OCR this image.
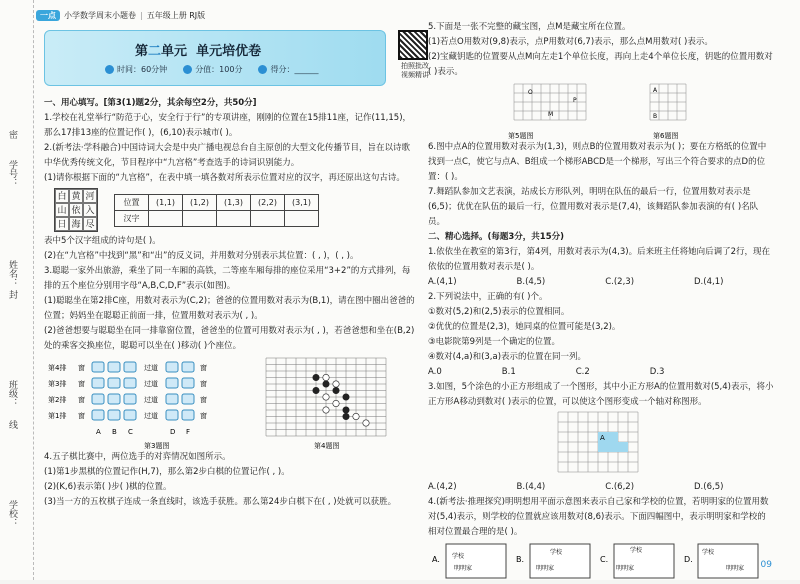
密
学号：
姓名：
封
班级：
线
学校：
一点	小学数学周末小题卷 | 五年级上册 RJ版
第二单元 单元培优卷
时间：60分钟	分值：100分	得分：______	拍照批改
视频精讲
一、用心填写。[第3(1)题2分，其余每空2分，共50分]
1.学校在礼堂举行“防范于心，安全行于行”的专项讲座，刚刚的位置在15排11座，记作(11,15)，那么17排13座的位置记作( )，(6,10)表示城市( )。
2.(新考法·学科融合)中国诗词大会是中央广播电视总台自主原创的大型文化传播节目，旨在以诗歌中华优秀传统文化，节目程序中“九宫格”考查选手的诗词识别能力。
(1)请你根据下面的“九宫格”，在表中填一填各数对所表示位置对应的汉字，再还原出这句古诗。
白 黄 河
山 依 入
日 海 尽
位置	(1,1)	(1,2)	(1,3)	(2,2)	(3,1)
汉字					
表中5个汉字组成的诗句是( )。
(2)在“九宫格”中找到“黑”和“出”的反义词，并用数对分别表示其位置：( , )，( , )。
3.聪聪一家外出旅游，乘坐了同一车厢的高铁，二等座车厢每排的座位采用“3+2”的方式排列，每排的五个座位分别用字母“A,B,C,D,F”表示(如图)。
(1)聪聪坐在第2排C座，用数对表示为(C,2)；爸爸的位置用数对表示为(B,1)，请在图中圈出爸爸的位置；妈妈坐在聪聪正前面一排，位置用数对表示为( , )。
(2)爸爸想要与聪聪坐在同一排靠窗位置，爸爸坐的位置可用数对表示为( , )，若爸爸想和坐在(B,2)处的乘客交换座位，聪聪可以坐在( )移动( )个座位。
第4排 窗	过道	窗
第3排 窗	过道	窗
第2排 窗	过道	窗
第1排 窗	过道	窗
A B C	D F
第3题图	第4题图
4.五子棋比赛中，两位选手的对弈情况如图所示。
(1)第1步黑棋的位置记作(H,7)，那么第2步白棋的位置记作( , )。
(2)(K,6)表示第( )步( )棋的位置。
(3)当一方的五枚棋子连成一条直线时，该选手获胜。那么第24步白棋下在( , )处就可以获胜。
5.下面是一张不完整的藏宝图，点M是藏宝所在位置。
(1)若点O用数对(9,8)表示，点P用数对(6,7)表示，那么点M用数对( )表示。
(2)宝藏钥匙的位置要从点M向左走1个单位长度，再向上走4个单位长度，钥匙的位置用数对( )表示。
O
M
P
A
B
第5题图	第6题图
6.图中点A的位置用数对表示为(1,3)，则点B的位置用数对表示为( )；要在方格纸的位置中找到一点C，使它与点A、B组成一个梯形ABCD是一个梯形，写出三个符合要求的点D的位置：( )。
7.舞蹈队参加文艺表演，站成长方形队列，明明在队伍的最后一行，位置用数对表示是(6,5)；优优在队伍的最后一行，位置用数对表示是(7,4)，该舞蹈队参加表演的有( )名队员。
二、精心选择。(每题3分，共15分)
1.依依坐在教室的第3行，第4列，用数对表示为(4,3)。后来班主任将她向后调了2行，现在依依的位置用数对表示是( )。
A.(4,1)	B.(4,5)	C.(2,3)	D.(4,1)
2.下列说法中，正确的有( )个。
①数对(5,2)和(2,5)表示的位置相同。
②优优的位置是(2,3)，她同桌的位置可能是(3,2)。
③电影院第9列是一个确定的位置。
④数对(4,a)和(3,a)表示的位置在同一列。
A.0	B.1	C.2	D.3
3.如图，5个涂色的小正方形组成了一个图形，其中小正方形A的位置用数对(5,4)表示，将小正方形A移动到数对( )表示的位置，可以使这个图形变成一个轴对称图形。
A
A.(4,2)	B.(4,4)	C.(6,2)	D.(6,5)
4.(新考法·推理探究)明明想用平面示意图来表示自己家和学校的位置，若明明家的位置用数对(5,4)表示，则学校的位置就应该用数对(8,6)表示。下面四幅图中，表示明明家和学校的相对位置最合理的是( )。
A. 学校
明明家
B.
学校
明明家
C.
学校
明明家
D.
学校
明明家 09
